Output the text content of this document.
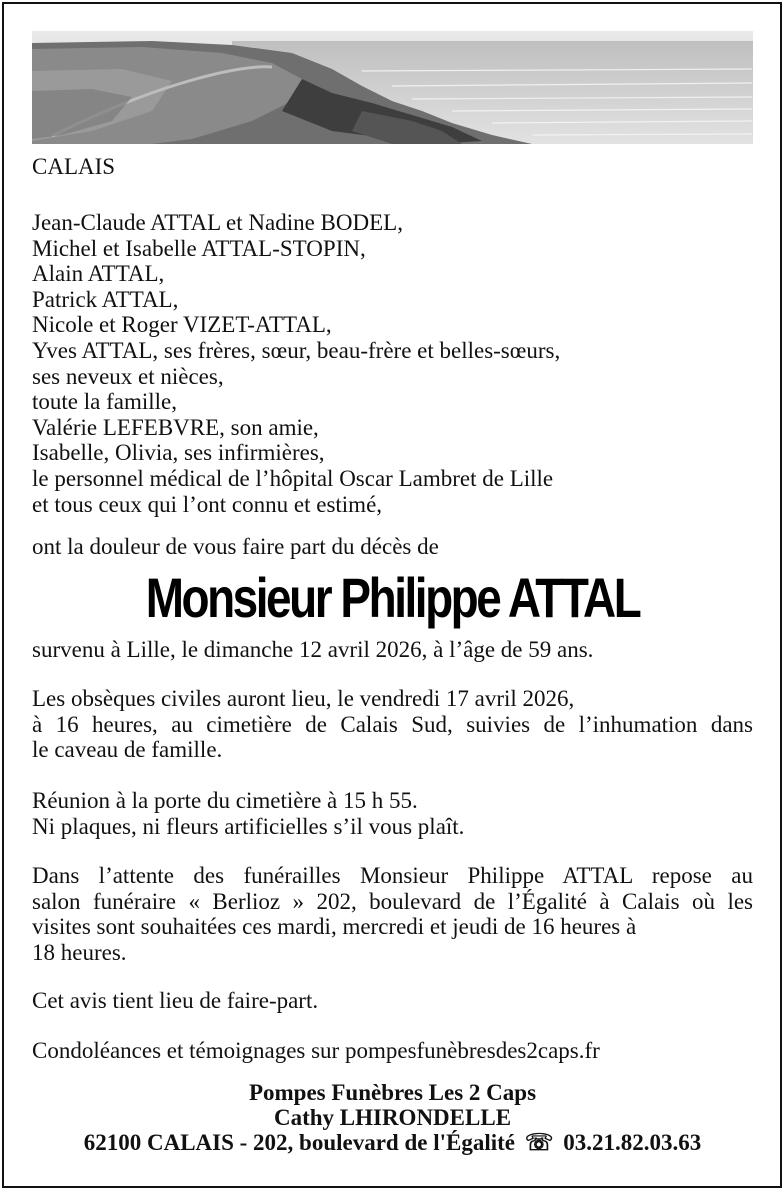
CALAIS
Jean-Claude ATTAL et Nadine BODEL,
Michel et Isabelle ATTAL-STOPIN,
Alain ATTAL,
Patrick ATTAL,
Nicole et Roger VIZET-ATTAL,
Yves ATTAL, ses frères, sœur, beau-frère et belles-sœurs,
ses neveux et nièces,
toute la famille,
Valérie LEFEBVRE, son amie,
Isabelle, Olivia, ses infirmières,
le personnel médical de l’hôpital Oscar Lambret de Lille
et tous ceux qui l’ont connu et estimé,
ont la douleur de vous faire part du décès de
Monsieur Philippe ATTAL
survenu à Lille, le dimanche 12 avril 2026, à l’âge de 59 ans.
Les obsèques civiles auront lieu, le vendredi 17 avril 2026,
à 16 heures, au cimetière de Calais Sud, suivies de l’inhumation dans
le caveau de famille.
Réunion à la porte du cimetière à 15 h 55.
Ni plaques, ni fleurs artificielles s’il vous plaît.
Dans l’attente des funérailles Monsieur Philippe ATTAL repose au
salon funéraire « Berlioz » 202, boulevard de l’Égalité à Calais où les
visites sont souhaitées ces mardi, mercredi et jeudi de 16 heures à
18 heures.
Cet avis tient lieu de faire-part.
Condoléances et témoignages sur pompesfunèbresdes2caps.fr
Pompes Funèbres Les 2 Caps
Cathy LHIRONDELLE
62100 CALAIS - 202, boulevard de l'Égalité ☏ 03.21.82.03.63
